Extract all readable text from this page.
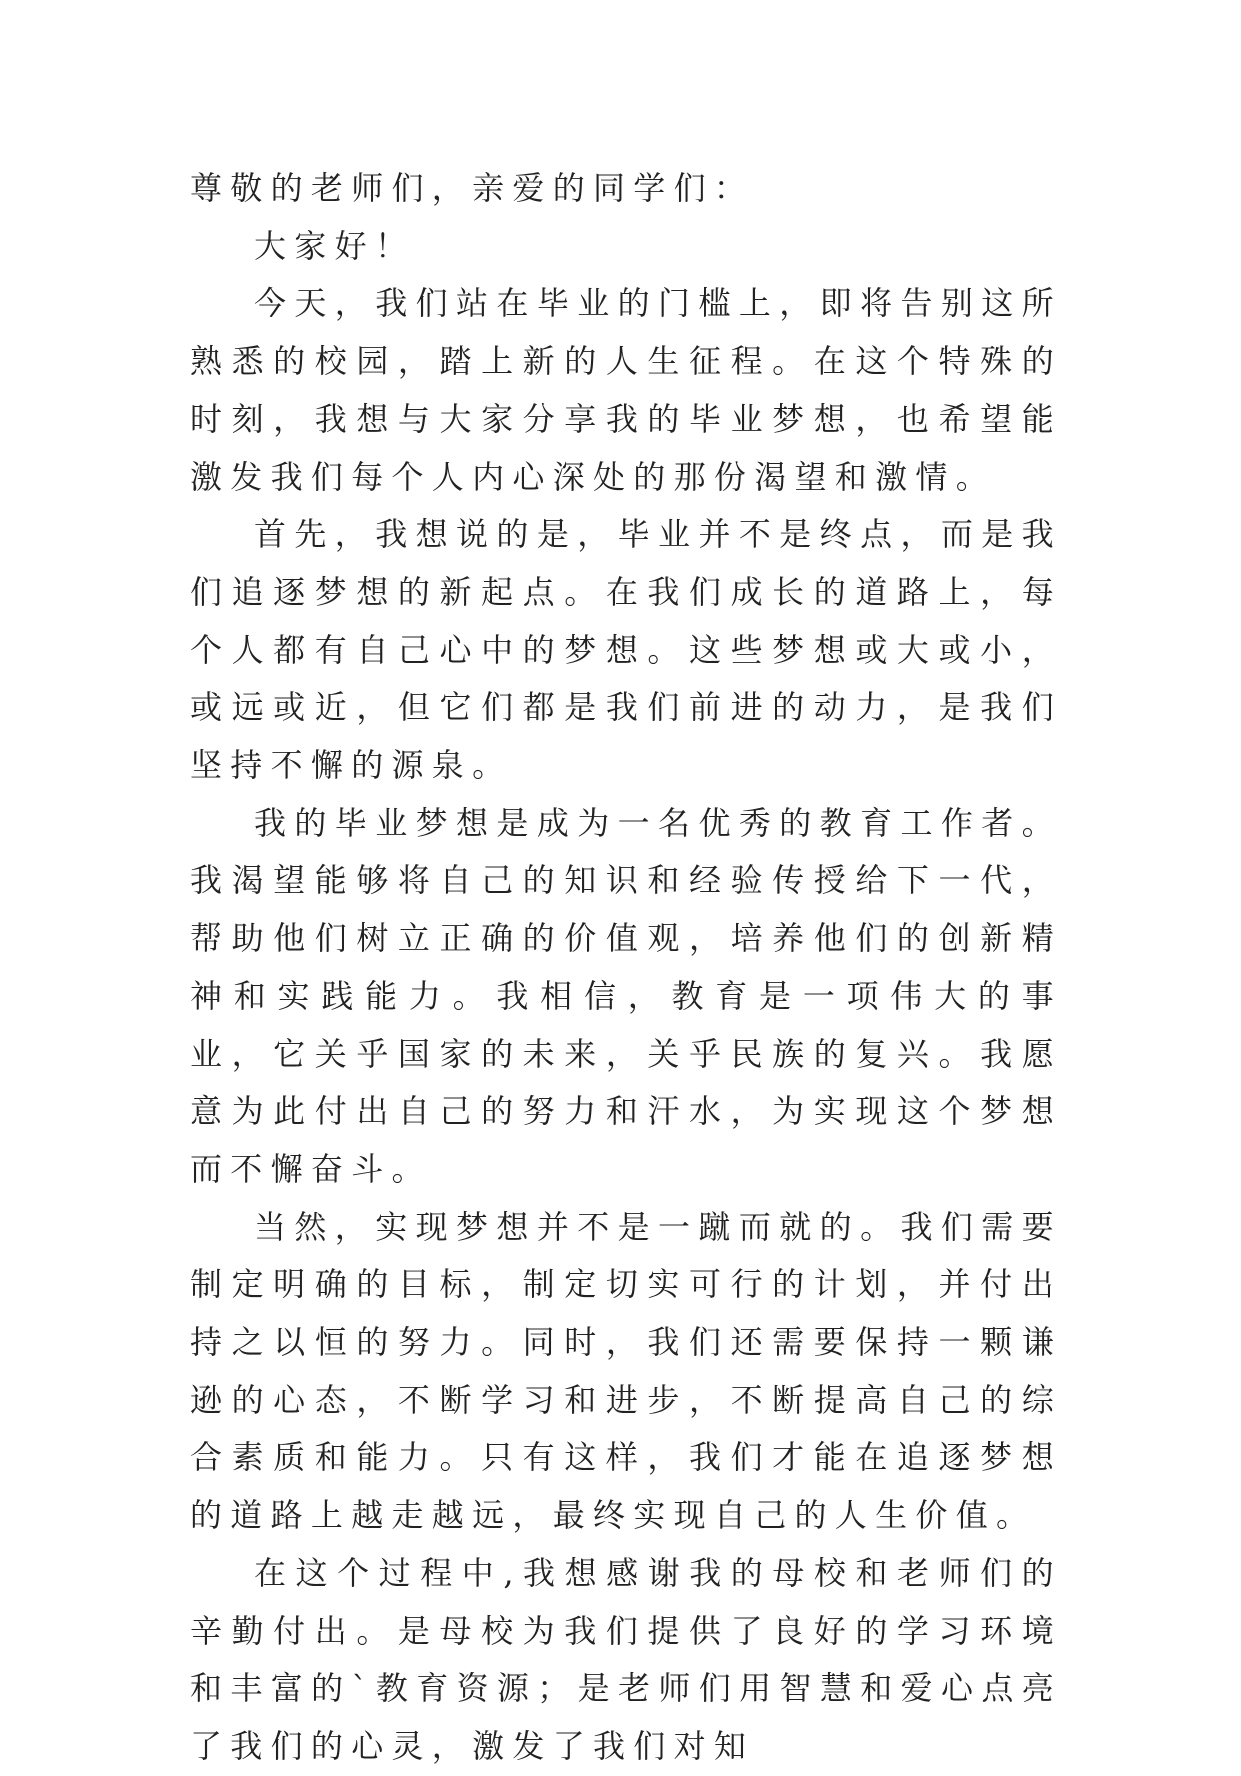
尊敬的老师们，亲爱的同学们：

大家好！

今天，我们站在毕业的门槛上，即将告别这所熟悉的校园，踏上新的人生征程。在这个特殊的时刻，我想与大家分享我的毕业梦想，也希望能激发我们每个人内心深处的那份渴望和激情。

首先，我想说的是，毕业并不是终点，而是我们追逐梦想的新起点。在我们成长的道路上，每个人都有自己心中的梦想。这些梦想或大或小，或远或近，但它们都是我们前进的动力，是我们坚持不懈的源泉。

我的毕业梦想是成为一名优秀的教育工作者。我渴望能够将自己的知识和经验传授给下一代，帮助他们树立正确的价值观，培养他们的创新精神和实践能力。我相信，教育是一项伟大的事业，它关乎国家的未来，关乎民族的复兴。我愿意为此付出自己的努力和汗水，为实现这个梦想而不懈奋斗。

当然，实现梦想并不是一蹴而就的。我们需要制定明确的目标，制定切实可行的计划，并付出持之以恒的努力。同时，我们还需要保持一颗谦逊的心态，不断学习和进步，不断提高自己的综合素质和能力。只有这样，我们才能在追逐梦想的道路上越走越远，最终实现自己的人生价值。

在这个过程中,我想感谢我的母校和老师们的辛勤付出。是母校为我们提供了良好的学习环境和丰富的`教育资源；是老师们用智慧和爱心点亮了我们的心灵，激发了我们对知
